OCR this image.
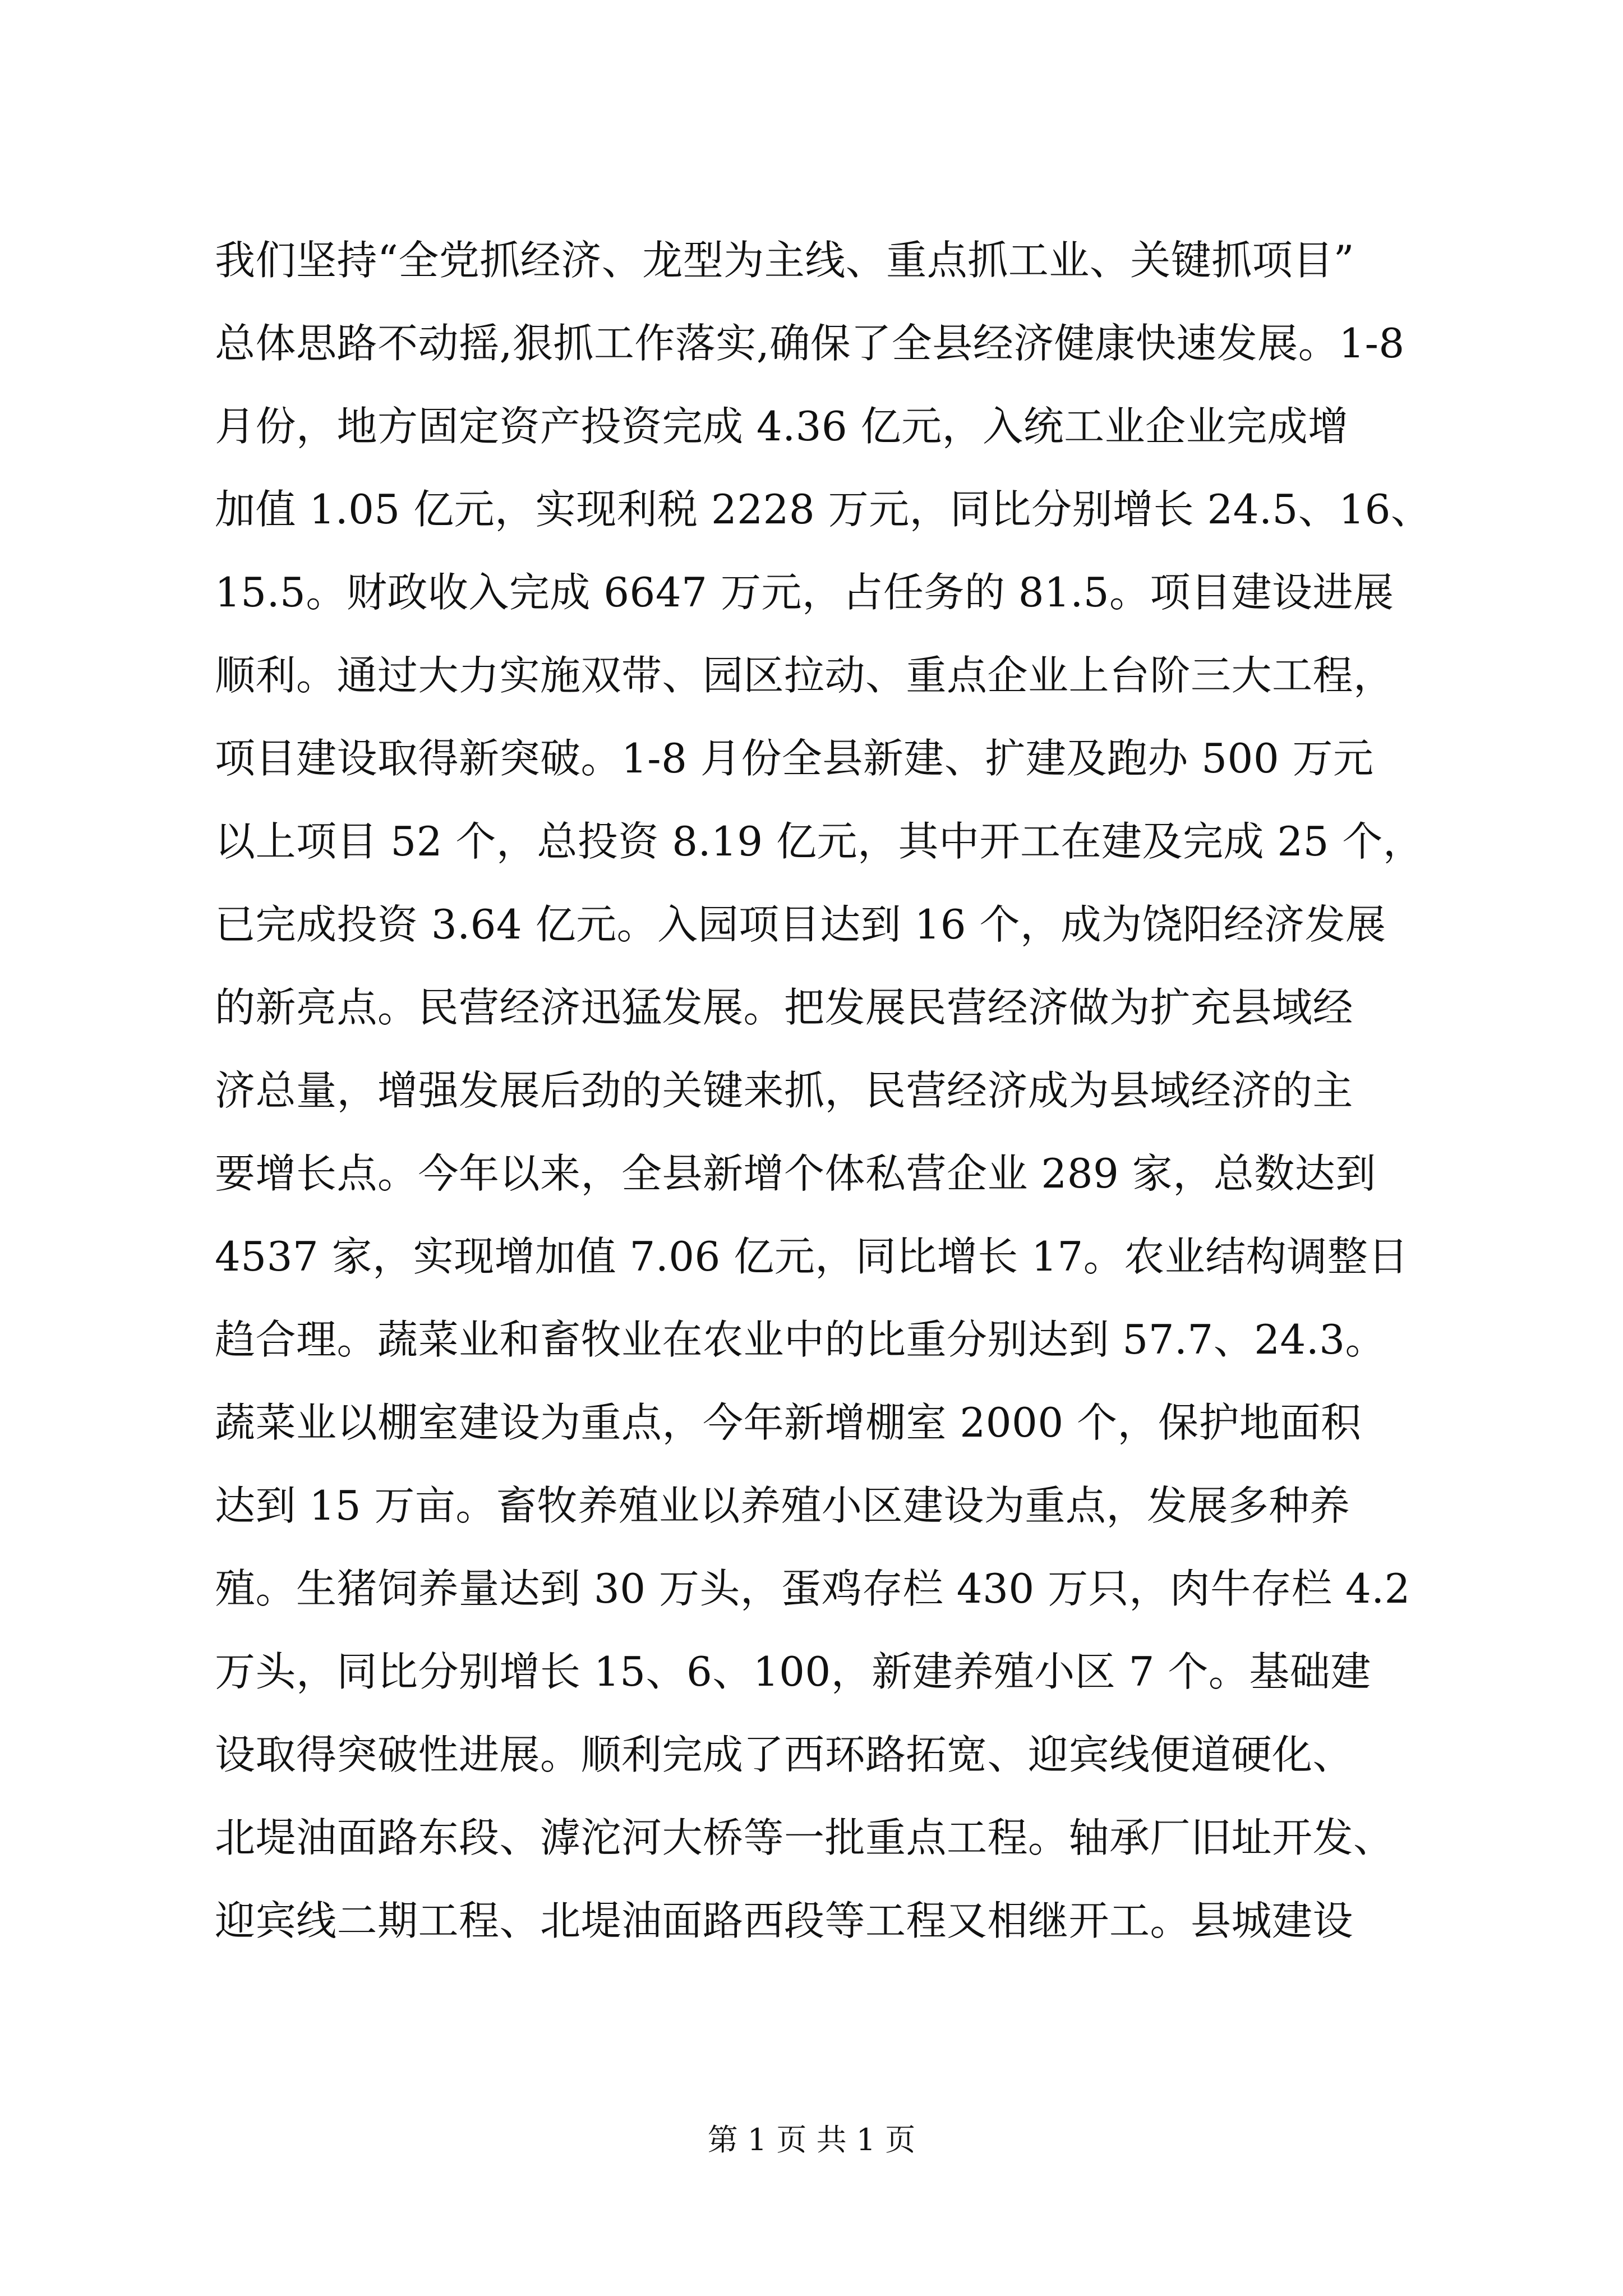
我们坚持“全党抓经济、龙型为主线、重点抓工业、关键抓项目”
总体思路不动摇,狠抓工作落实,确保了全县经济健康快速发展。1-8
月份，地方固定资产投资完成 4.36 亿元，入统工业企业完成增
加值 1.05 亿元，实现利税 2228 万元，同比分别增长 24.5、16、
15.5。财政收入完成 6647 万元，占任务的 81.5。项目建设进展
顺利。通过大力实施双带、园区拉动、重点企业上台阶三大工程，
项目建设取得新突破。1-8 月份全县新建、扩建及跑办 500 万元
以上项目 52 个，总投资 8.19 亿元，其中开工在建及完成 25 个，
已完成投资 3.64 亿元。入园项目达到 16 个，成为饶阳经济发展
的新亮点。民营经济迅猛发展。把发展民营经济做为扩充县域经
济总量，增强发展后劲的关键来抓，民营经济成为县域经济的主
要增长点。今年以来，全县新增个体私营企业 289 家，总数达到
4537 家，实现增加值 7.06 亿元，同比增长 17。农业结构调整日
趋合理。蔬菜业和畜牧业在农业中的比重分别达到 57.7、24.3。
蔬菜业以棚室建设为重点，今年新增棚室 2000 个，保护地面积
达到 15 万亩。畜牧养殖业以养殖小区建设为重点，发展多种养
殖。生猪饲养量达到 30 万头，蛋鸡存栏 430 万只，肉牛存栏 4.2
万头，同比分别增长 15、6、100，新建养殖小区 7 个。基础建
设取得突破性进展。顺利完成了西环路拓宽、迎宾线便道硬化、
北堤油面路东段、滹沱河大桥等一批重点工程。轴承厂旧址开发、
迎宾线二期工程、北堤油面路西段等工程又相继开工。县城建设
第 1 页 共 1 页
